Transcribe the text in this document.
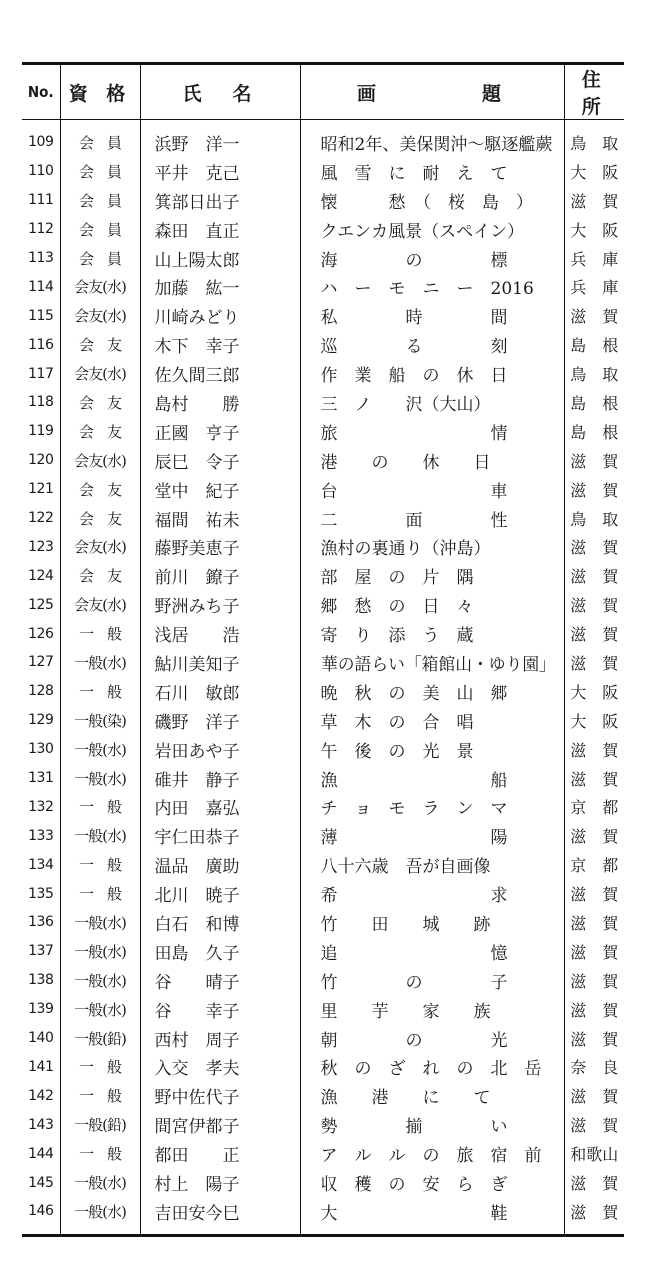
No.	資 格	氏　名	画　　　　題	住 所
109	会　員	浜野　洋一	昭和2年、美保関沖～駆逐艦蕨	鳥　取
110	会　員	平井　克己	風　雪　に　耐　え　て	大　阪
111	会　員	箕部日出子	懐　　　愁　（　桜　島　）	滋　賀
112	会　員	森田　直正	クエンカ風景（スペイン）	大　阪
113	会　員	山上陽太郎	海　　　　の　　　　標	兵　庫
114	会友(水)	加藤　紘一	ハ　ー　モ　ニ　ー　2016	兵　庫
115	会友(水)	川崎みどり	私　　　　時　　　　間	滋　賀
116	会　友	木下　幸子	巡　　　　る　　　　刻	島　根
117	会友(水)	佐久間三郎	作　業　船　の　休　日	鳥　取
118	会　友	島村　　勝	三　ノ　　沢（大山）	島　根
119	会　友	正國　亨子	旅　　　　　　　　　情	島　根
120	会友(水)	辰巳　令子	港　　の　　休　　日	滋　賀
121	会　友	堂中　紀子	台　　　　　　　　　車	滋　賀
122	会　友	福間　祐未	二　　　　面　　　　性	鳥　取
123	会友(水)	藤野美恵子	漁村の裏通り（沖島）	滋　賀
124	会　友	前川　鐐子	部　屋　の　片　隅	滋　賀
125	会友(水)	野洲みち子	郷　愁　の　日　々	滋　賀
126	一　般	浅居　　浩	寄　り　添　う　蔵	滋　賀
127	一般(水)	鮎川美知子	華の語らい「箱館山・ゆり園」	滋　賀
128	一　般	石川　敏郎	晩　秋　の　美　山　郷	大　阪
129	一般(染)	磯野　洋子	草　木　の　合　唱	大　阪
130	一般(水)	岩田あや子	午　後　の　光　景	滋　賀
131	一般(水)	碓井　静子	漁　　　　　　　　　船	滋　賀
132	一　般	内田　嘉弘	チ　ョ　モ　ラ　ン　マ	京　都
133	一般(水)	宇仁田恭子	薄　　　　　　　　　陽	滋　賀
134	一　般	温品　廣助	八十六歳　吾が自画像	京　都
135	一　般	北川　暁子	希　　　　　　　　　求	滋　賀
136	一般(水)	白石　和博	竹　　田　　城　　跡	滋　賀
137	一般(水)	田島　久子	追　　　　　　　　　憶	滋　賀
138	一般(水)	谷　　晴子	竹　　　　の　　　　子	滋　賀
139	一般(水)	谷　　幸子	里　　芋　　家　　族	滋　賀
140	一般(鉛)	西村　周子	朝　　　　の　　　　光	滋　賀
141	一　般	入交　孝夫	秋　の　ざ　れ　の　北　岳	奈　良
142	一　般	野中佐代子	漁　　港　　に　　て	滋　賀
143	一般(鉛)	間宮伊都子	勢　　　　揃　　　　い	滋　賀
144	一　般	都田　　正	ア　ル　ル　の　旅　宿　前	和歌山
145	一般(水)	村上　陽子	収　穫　の　安　ら　ぎ	滋　賀
146	一般(水)	吉田安今巳	大　　　　　　　　　鞋	滋　賀
